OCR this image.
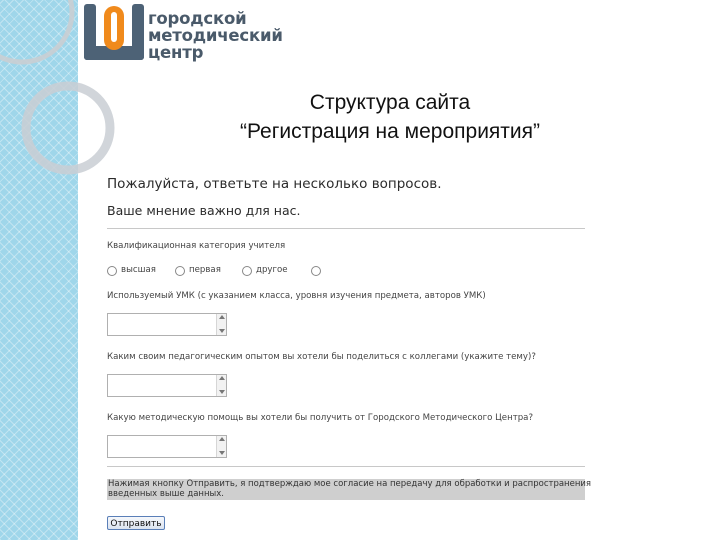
городской
методический
центр
Структура сайта
“Регистрация на мероприятия”
Пожалуйста, ответьте на несколько вопросов.
Ваше мнение важно для нас.
Квалификационная категория учителя
высшая	первая	другое
Используемый УМК (с указанием класса, уровня изучения предмета, авторов УМК)
Каким своим педагогическим опытом вы хотели бы поделиться с коллегами (укажите тему)?
Какую методическую помощь вы хотели бы получить от Городского Методического Центра?
Нажимая кнопку Отправить, я подтверждаю мое согласие на передачу для обработки и распространения
введенных выше данных.
Отправить
